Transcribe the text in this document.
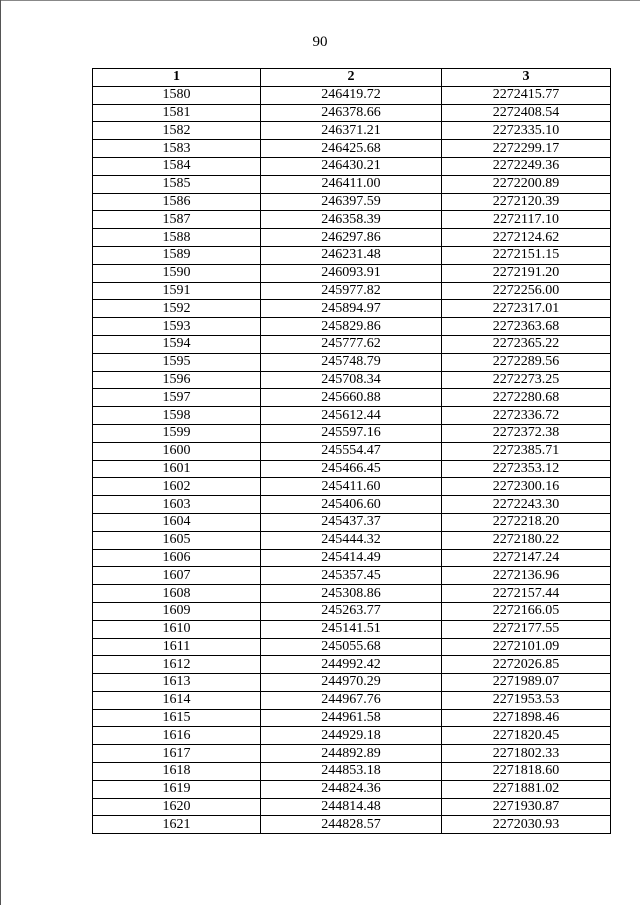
90
1	2	3
1580	246419.72	2272415.77
1581	246378.66	2272408.54
1582	246371.21	2272335.10
1583	246425.68	2272299.17
1584	246430.21	2272249.36
1585	246411.00	2272200.89
1586	246397.59	2272120.39
1587	246358.39	2272117.10
1588	246297.86	2272124.62
1589	246231.48	2272151.15
1590	246093.91	2272191.20
1591	245977.82	2272256.00
1592	245894.97	2272317.01
1593	245829.86	2272363.68
1594	245777.62	2272365.22
1595	245748.79	2272289.56
1596	245708.34	2272273.25
1597	245660.88	2272280.68
1598	245612.44	2272336.72
1599	245597.16	2272372.38
1600	245554.47	2272385.71
1601	245466.45	2272353.12
1602	245411.60	2272300.16
1603	245406.60	2272243.30
1604	245437.37	2272218.20
1605	245444.32	2272180.22
1606	245414.49	2272147.24
1607	245357.45	2272136.96
1608	245308.86	2272157.44
1609	245263.77	2272166.05
1610	245141.51	2272177.55
1611	245055.68	2272101.09
1612	244992.42	2272026.85
1613	244970.29	2271989.07
1614	244967.76	2271953.53
1615	244961.58	2271898.46
1616	244929.18	2271820.45
1617	244892.89	2271802.33
1618	244853.18	2271818.60
1619	244824.36	2271881.02
1620	244814.48	2271930.87
1621	244828.57	2272030.93
